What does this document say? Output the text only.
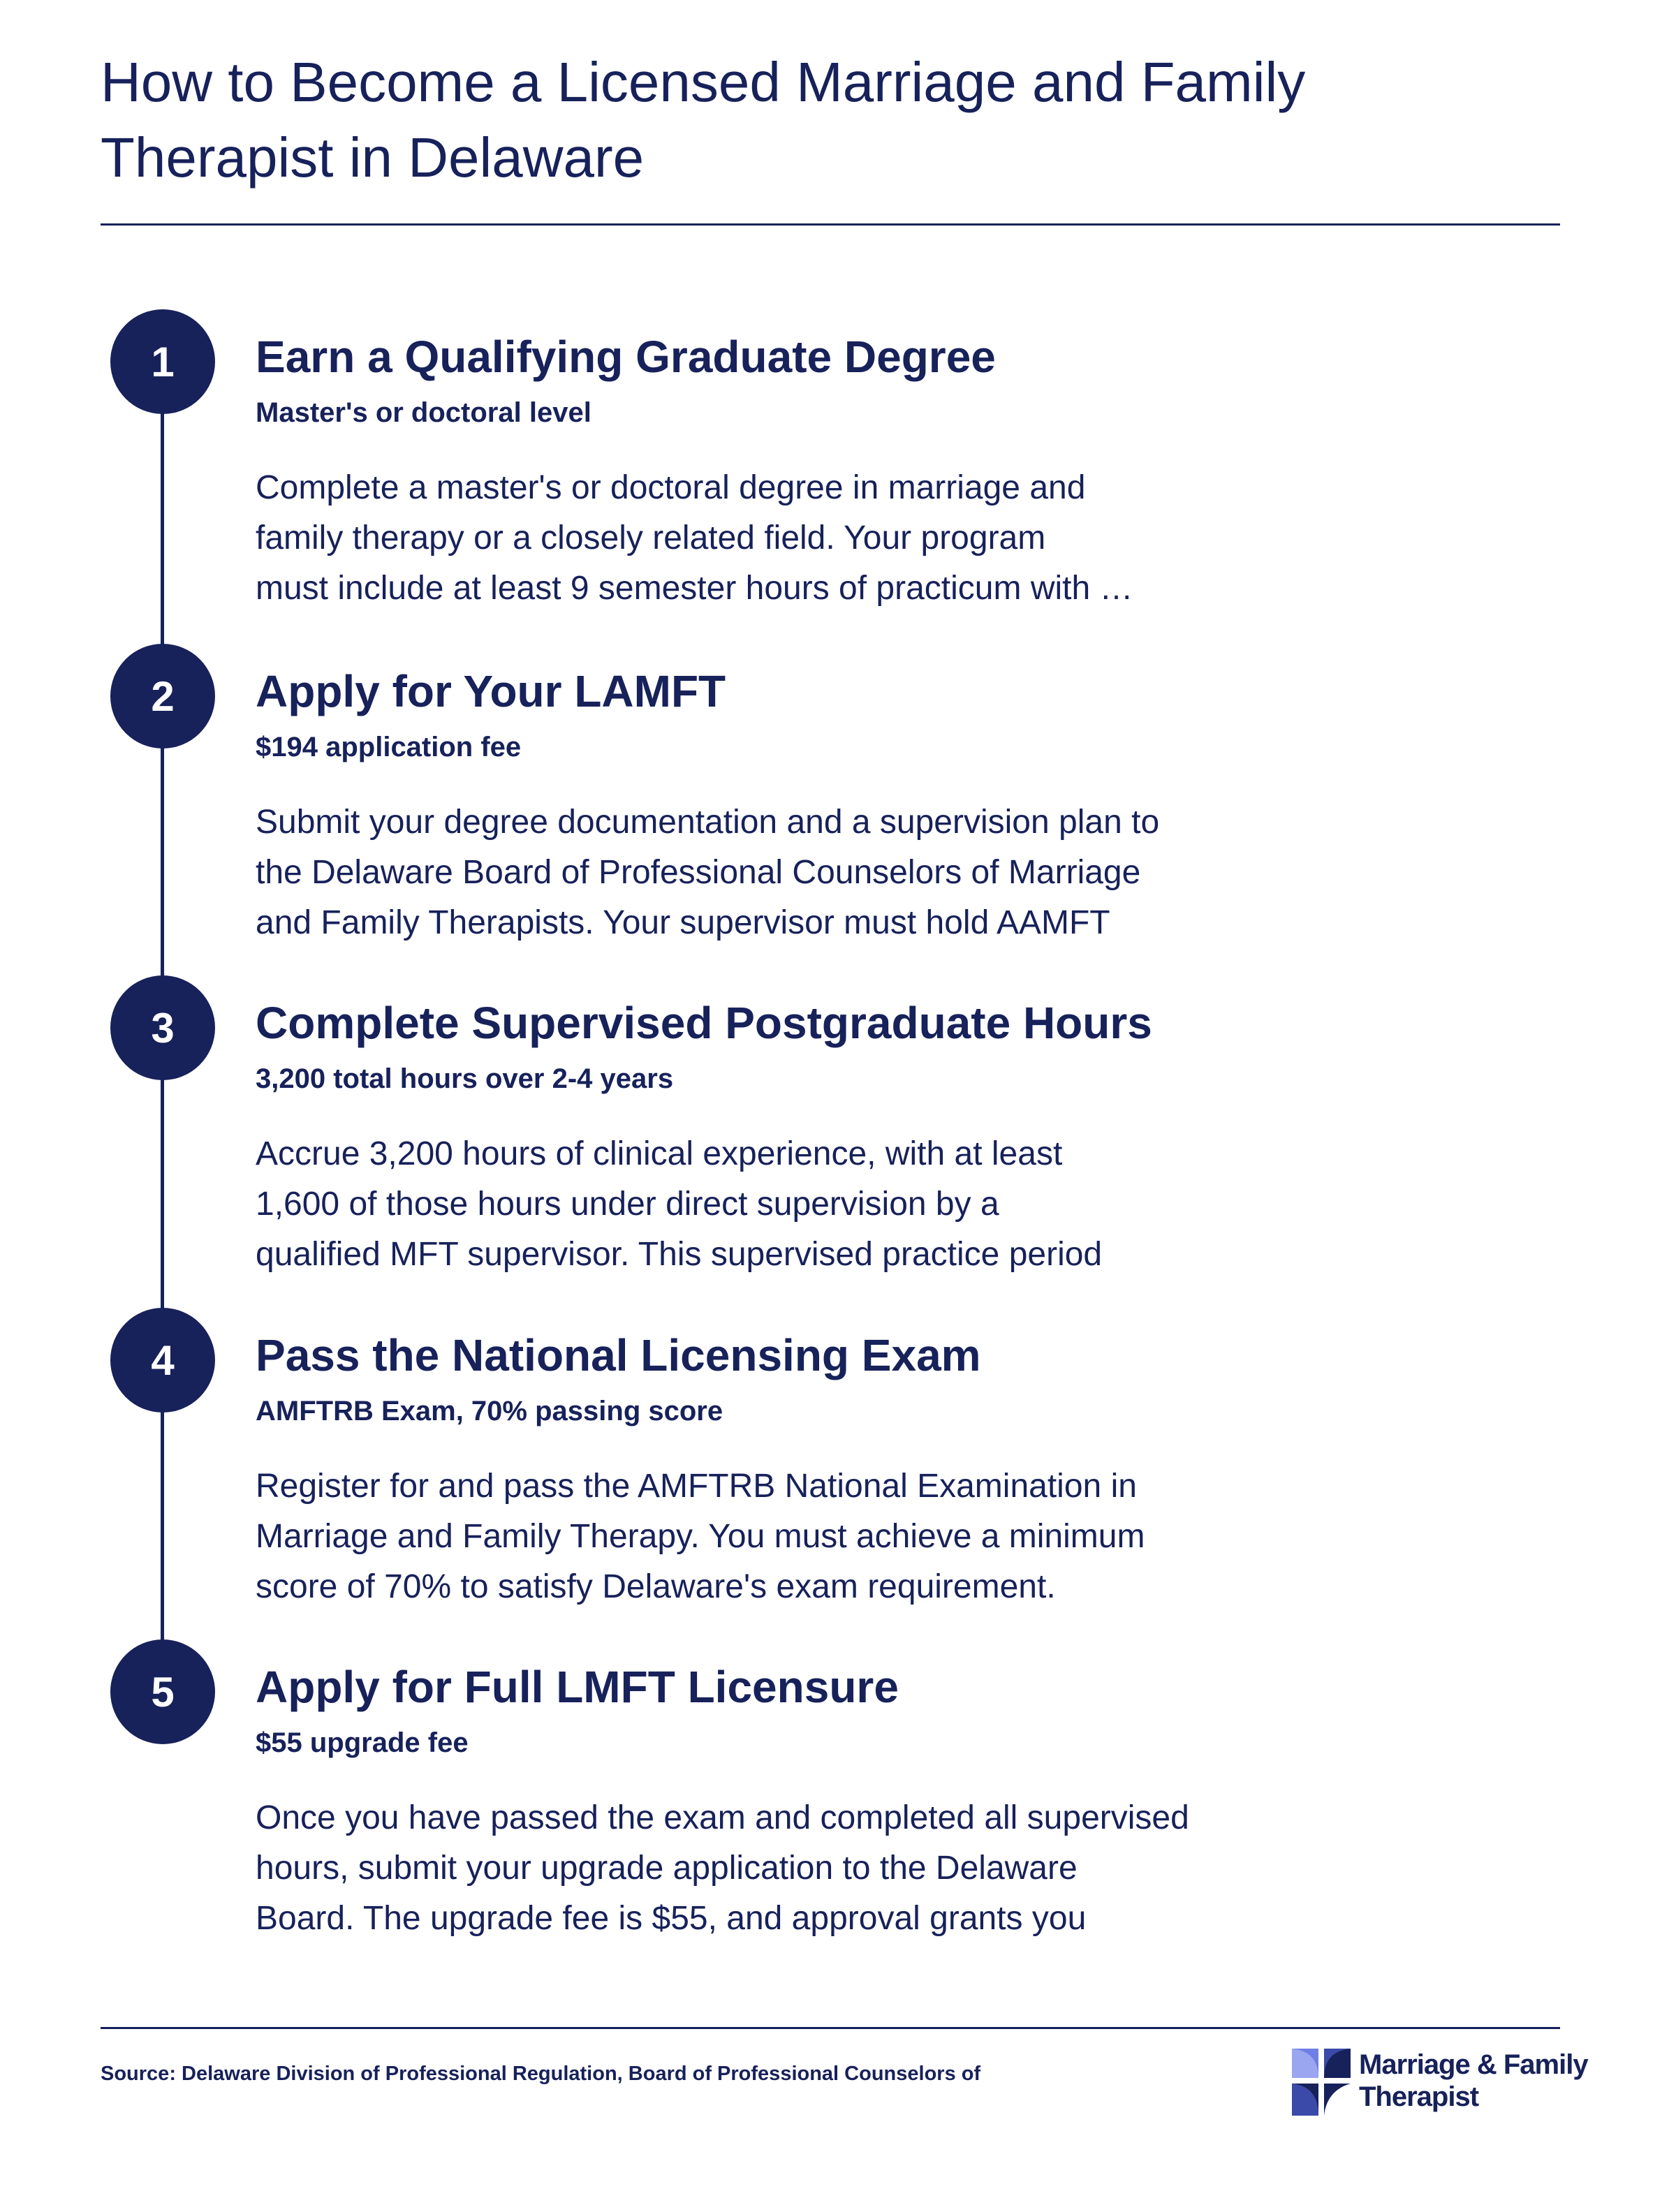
How to Become a Licensed Marriage and Family
Therapist in Delaware
1	Earn a Qualifying Graduate Degree
Master's or doctoral level

Complete a master's or doctoral degree in marriage and
family therapy or a closely related field. Your program
must include at least 9 semester hours of practicum with …

2	Apply for Your LAMFT
$194 application fee

Submit your degree documentation and a supervision plan to
the Delaware Board of Professional Counselors of Marriage
and Family Therapists. Your supervisor must hold AAMFT

3	Complete Supervised Postgraduate Hours
3,200 total hours over 2-4 years

Accrue 3,200 hours of clinical experience, with at least
1,600 of those hours under direct supervision by a
qualified MFT supervisor. This supervised practice period

4	Pass the National Licensing Exam
AMFTRB Exam, 70% passing score

Register for and pass the AMFTRB National Examination in
Marriage and Family Therapy. You must achieve a minimum
score of 70% to satisfy Delaware's exam requirement.

5	Apply for Full LMFT Licensure
$55 upgrade fee

Once you have passed the exam and completed all supervised
hours, submit your upgrade application to the Delaware
Board. The upgrade fee is $55, and approval grants you

Source: Delaware Division of Professional Regulation, Board of Professional Counselors of	Marriage & Family
Therapist
